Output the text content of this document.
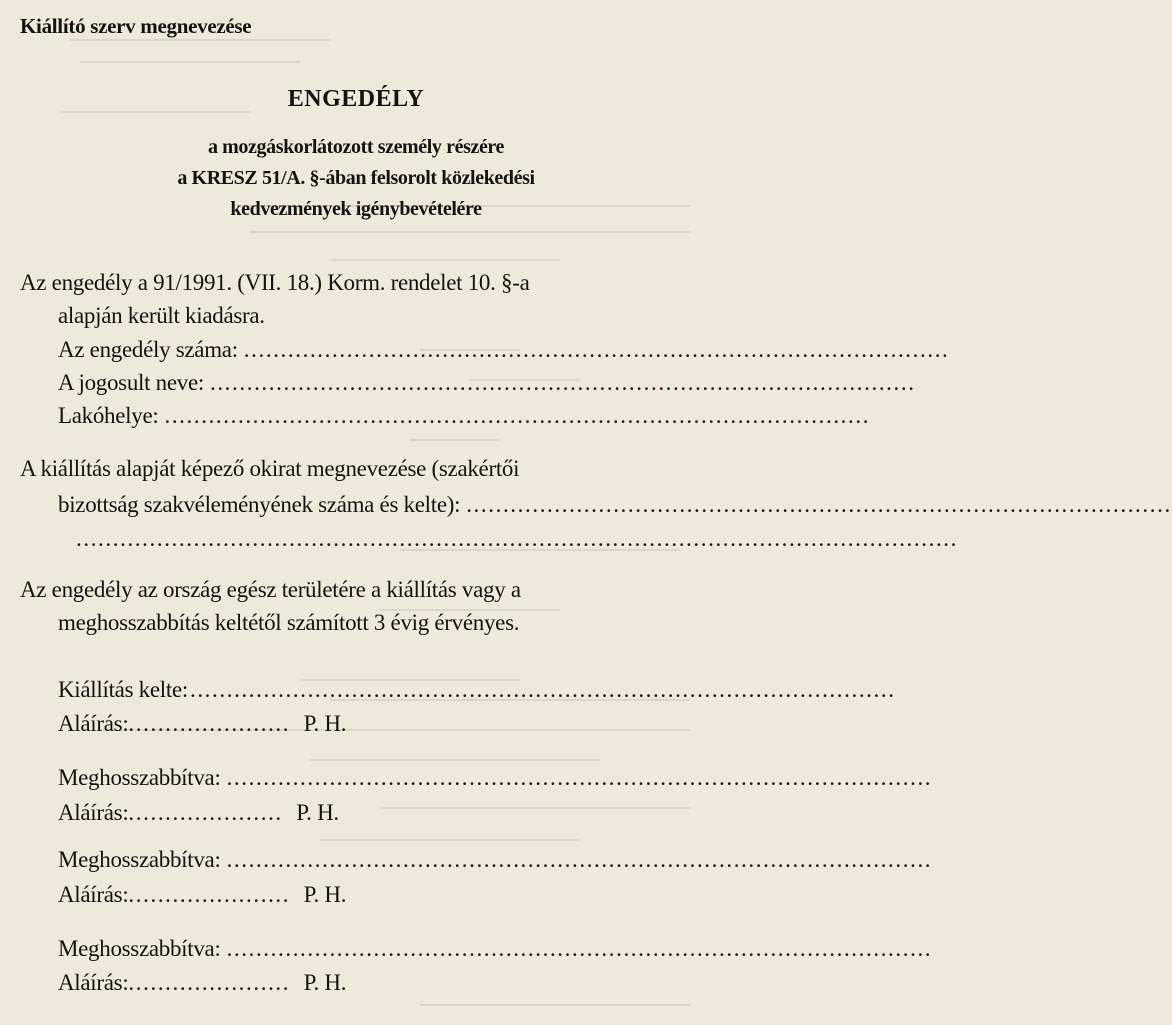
Kiállító szerv megnevezése
ENGEDÉLY
a mozgáskorlátozott személy részére
a KRESZ 51/A. §-ában felsorolt közlekedési
kedvezmények igénybevételére
Az engedély a 91/1991. (VII. 18.) Korm. rendelet 10. §-a
alapján került kiadásra.
Az engedély száma: ................................................................................................
A jogosult neve: ................................................................................................
Lakóhelye: ................................................................................................
A kiállítás alapját képező okirat megnevezése (szakértői
bizottság szakvéleményének száma és kelte): ................................................................................................
........................................................................................................................
Az engedély az ország egész területére a kiállítás vagy a
meghosszabbítás keltétől számított 3 évig érvényes.
Kiállítás kelte: ................................................................................................
Aláírás:...................... P. H.
Meghosszabbítva: ................................................................................................
Aláírás:..................... P. H.
Meghosszabbítva: ................................................................................................
Aláírás:...................... P. H.
Meghosszabbítva: ................................................................................................
Aláírás:...................... P. H.
